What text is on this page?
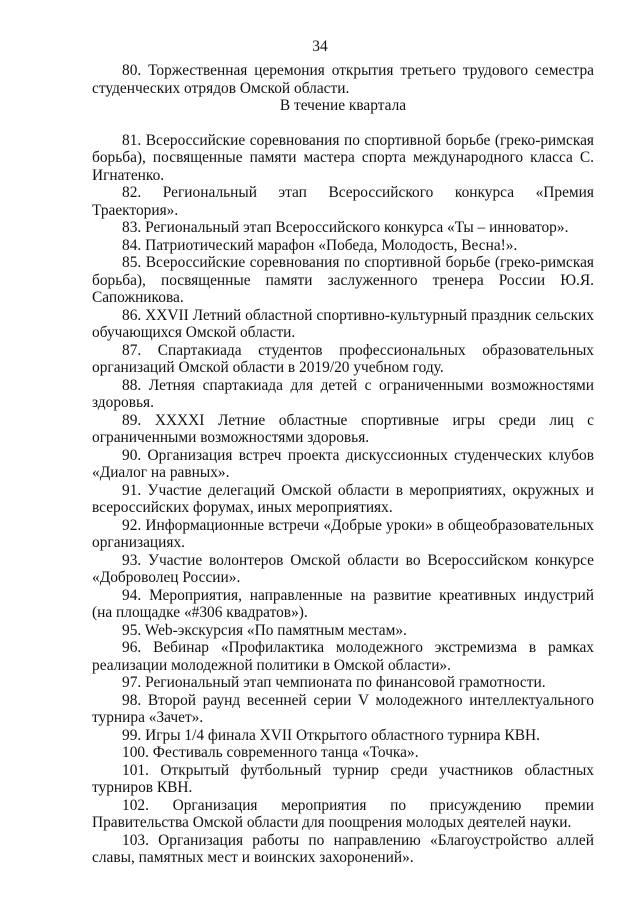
34

80. Торжественная церемония открытия третьего трудового семестра студенческих отрядов Омской области.

В течение квартала

81. Всероссийские соревнования по спортивной борьбе (греко-римская борьба), посвященные памяти мастера спорта международного класса С. Игнатенко.

82. Региональный этап Всероссийского конкурса «Премия Траектория».

83. Региональный этап Всероссийского конкурса «Ты – инноватор».

84. Патриотический марафон «Победа, Молодость, Весна!».

85. Всероссийские соревнования по спортивной борьбе (греко-римская борьба), посвященные памяти заслуженного тренера России Ю.Я. Сапожникова.

86. XXVII Летний областной спортивно-культурный праздник сельских обучающихся Омской области.

87. Спартакиада студентов профессиональных образовательных организаций Омской области в 2019/20 учебном году.

88. Летняя спартакиада для детей с ограниченными возможностями здоровья.

89. XXXXI Летние областные спортивные игры среди лиц с ограниченными возможностями здоровья.

90. Организация встреч проекта дискуссионных студенческих клубов «Диалог на равных».

91. Участие делегаций Омской области в мероприятиях, окружных и всероссийских форумах, иных мероприятиях.

92. Информационные встречи «Добрые уроки» в общеобразовательных организациях.

93. Участие волонтеров Омской области во Всероссийском конкурсе «Доброволец России».

94. Мероприятия, направленные на развитие креативных индустрий (на площадке «#306 квадратов»).

95. Web-экскурсия «По памятным местам».

96. Вебинар «Профилактика молодежного экстремизма в рамках реализации молодежной политики в Омской области».

97. Региональный этап чемпионата по финансовой грамотности.

98. Второй раунд весенней серии V молодежного интеллектуального турнира «Зачет».

99. Игры 1/4 финала XVII Открытого областного турнира КВН.

100. Фестиваль современного танца «Точка».

101. Открытый футбольный турнир среди участников областных турниров КВН.

102. Организация мероприятия по присуждению премии Правительства Омской области для поощрения молодых деятелей науки.

103. Организация работы по направлению «Благоустройство аллей славы, памятных мест и воинских захоронений».
